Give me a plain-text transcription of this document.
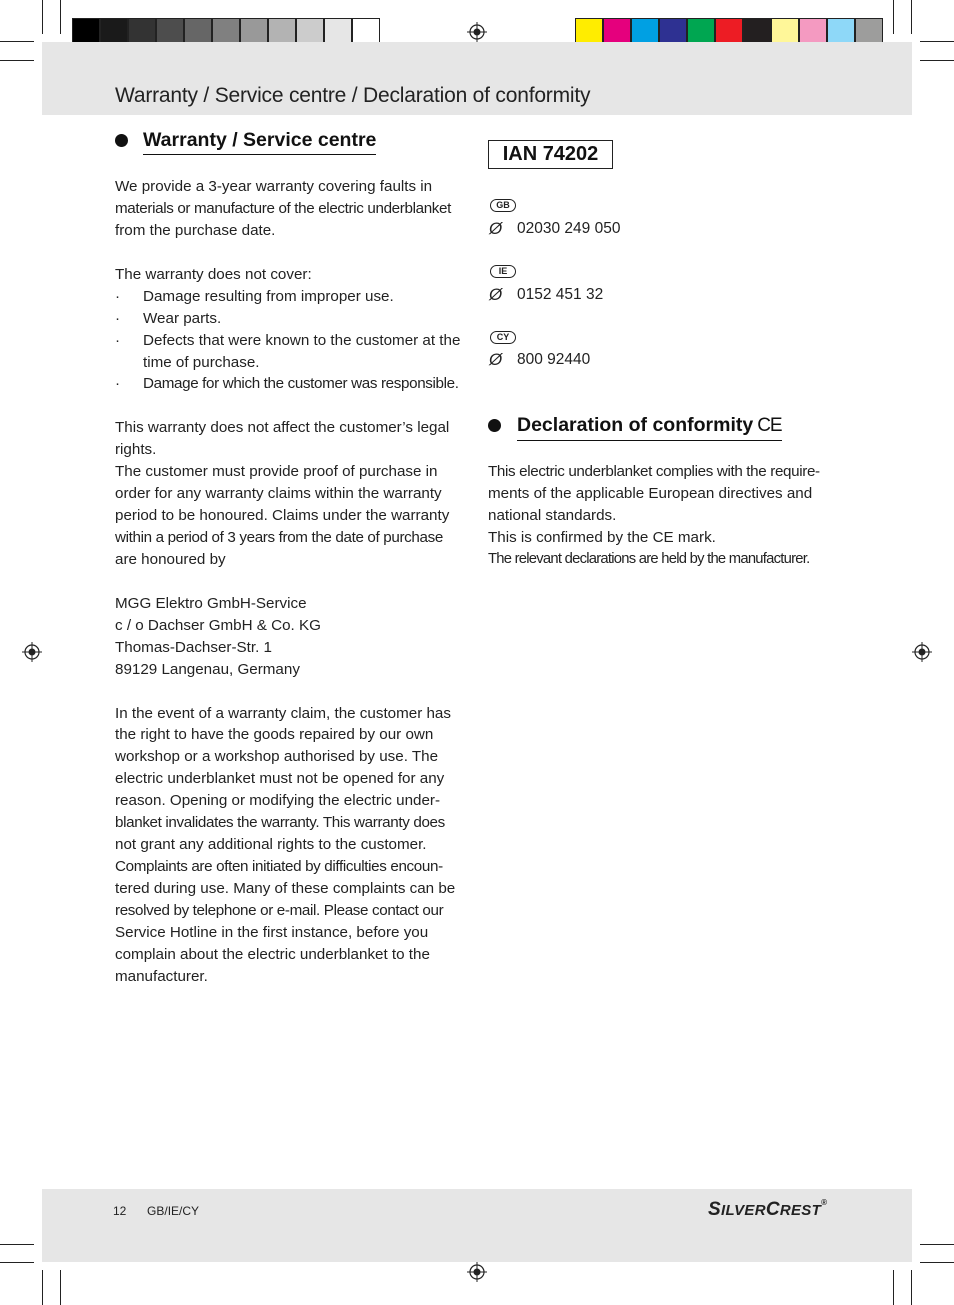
Warranty / Service centre / Declaration of conformity
Warranty / Service centre
We provide a 3-year warranty covering faults in
materials or manufacture of the electric underblanket
from the purchase date.
The warranty does not cover:
·	Damage resulting from improper use.
·	Wear parts.
·	Defects that were known to the customer at the
time of purchase.
·	Damage for which the customer was responsible.
This warranty does not affect the customer’s legal
rights.
The customer must provide proof of purchase in
order for any warranty claims within the warranty
period to be honoured. Claims under the warranty
within a period of 3 years from the date of purchase
are honoured by
MGG Elektro GmbH-Service
c / o Dachser GmbH & Co. KG
Thomas-Dachser-Str. 1
89129 Langenau, Germany
In the event of a warranty claim, the customer has
the right to have the goods repaired by our own
workshop or a workshop authorised by use. The
electric underblanket must not be opened for any
reason. Opening or modifying the electric under-
blanket invalidates the warranty. This warranty does
not grant any additional rights to the customer.
Complaints are often initiated by difficulties encoun-
tered during use. Many of these complaints can be
resolved by telephone or e-mail. Please contact our
Service Hotline in the first instance, before you
complain about the electric underblanket to the
manufacturer.
IAN 74202
GB
Ø 02030 249 050
IE
Ø 0152 451 32
CY
Ø 800 92440
Declaration of conformity CE
This electric underblanket complies with the require-
ments of the applicable European directives and
national standards.
This is confirmed by the CE mark.
The relevant declarations are held by the manufacturer.
12 GB/IE/CY	SILVERCREST®
